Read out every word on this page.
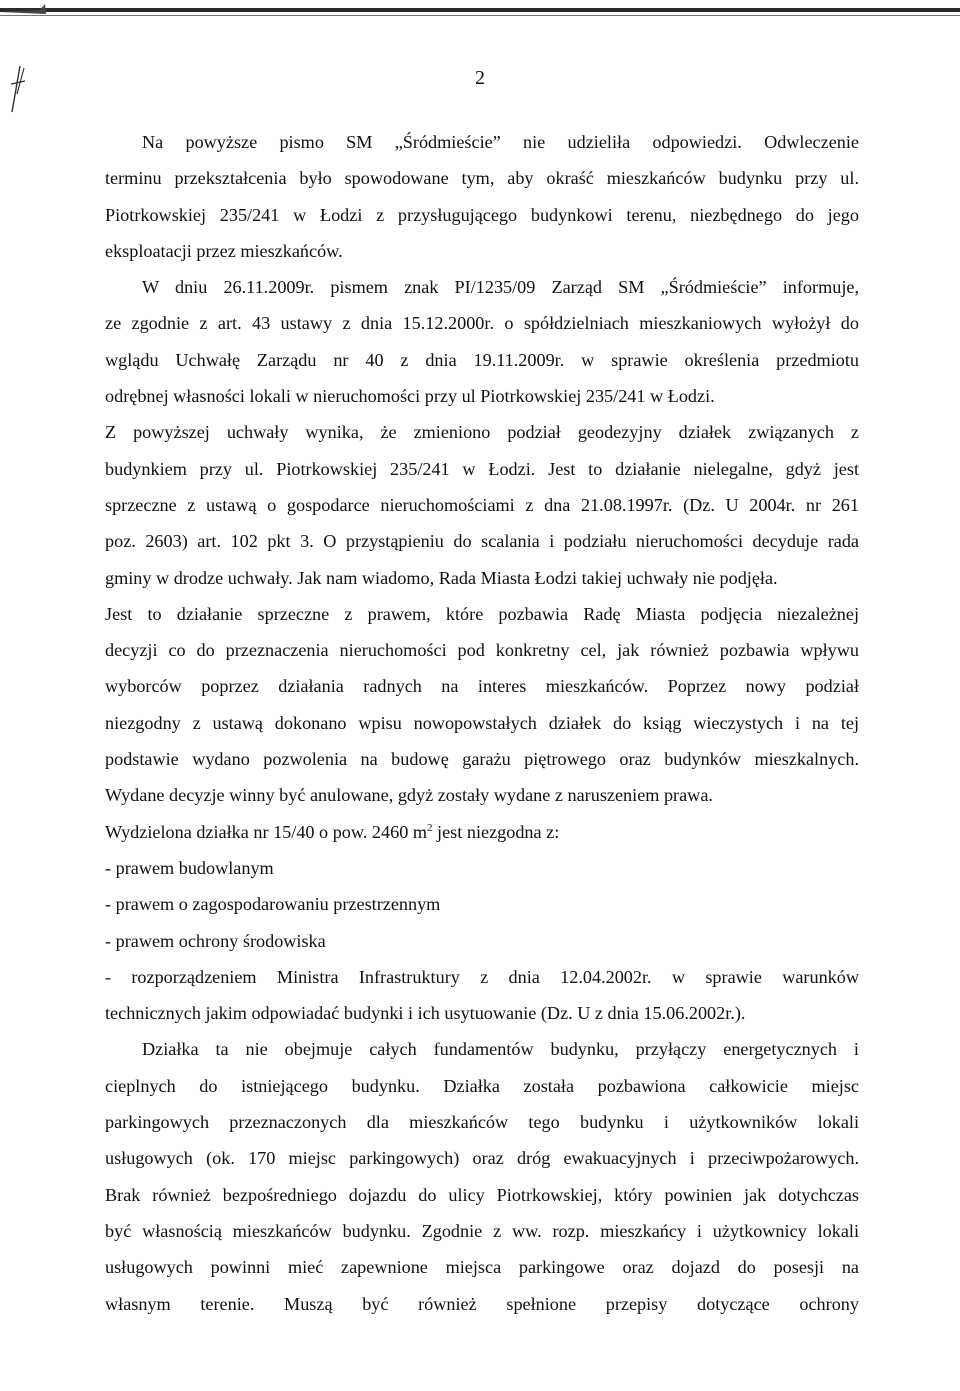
2
Na powyższe pismo SM „Śródmieście” nie udzieliła odpowiedzi. Odwleczenie
terminu przekształcenia było spowodowane tym, aby okraść mieszkańców budynku przy ul.
Piotrkowskiej 235/241 w Łodzi z przysługującego budynkowi terenu, niezbędnego do jego
eksploatacji przez mieszkańców.
W dniu 26.11.2009r. pismem znak PI/1235/09 Zarząd SM „Śródmieście” informuje,
ze zgodnie z art. 43 ustawy z dnia 15.12.2000r. o spółdzielniach mieszkaniowych wyłożył do
wglądu Uchwałę Zarządu nr 40 z dnia 19.11.2009r. w sprawie określenia przedmiotu
odrębnej własności lokali w nieruchomości przy ul Piotrkowskiej 235/241 w Łodzi.
Z powyższej uchwały wynika, że zmieniono podział geodezyjny działek związanych z
budynkiem przy ul. Piotrkowskiej 235/241 w Łodzi. Jest to działanie nielegalne, gdyż jest
sprzeczne z ustawą o gospodarce nieruchomościami z dna 21.08.1997r. (Dz. U 2004r. nr 261
poz. 2603) art. 102 pkt 3. O przystąpieniu do scalania i podziału nieruchomości decyduje rada
gminy w drodze uchwały. Jak nam wiadomo, Rada Miasta Łodzi takiej uchwały nie podjęła.
Jest to działanie sprzeczne z prawem, które pozbawia Radę Miasta podjęcia niezależnej
decyzji co do przeznaczenia nieruchomości pod konkretny cel, jak również pozbawia wpływu
wyborców poprzez działania radnych na interes mieszkańców. Poprzez nowy podział
niezgodny z ustawą dokonano wpisu nowopowstałych działek do ksiąg wieczystych i na tej
podstawie wydano pozwolenia na budowę garażu piętrowego oraz budynków mieszkalnych.
Wydane decyzje winny być anulowane, gdyż zostały wydane z naruszeniem prawa.
Wydzielona działka nr 15/40 o pow. 2460 $m^2$ jest niezgodna z:
- prawem budowlanym
- prawem o zagospodarowaniu przestrzennym
- prawem ochrony środowiska
- rozporządzeniem Ministra Infrastruktury z dnia 12.04.2002r. w sprawie warunków
technicznych jakim odpowiadać budynki i ich usytuowanie (Dz. U z dnia 15.06.2002r.).
Działka ta nie obejmuje całych fundamentów budynku, przyłączy energetycznych i
cieplnych do istniejącego budynku. Działka została pozbawiona całkowicie miejsc
parkingowych przeznaczonych dla mieszkańców tego budynku i użytkowników lokali
usługowych (ok. 170 miejsc parkingowych) oraz dróg ewakuacyjnych i przeciwpożarowych.
Brak również bezpośredniego dojazdu do ulicy Piotrkowskiej, który powinien jak dotychczas
być własnością mieszkańców budynku. Zgodnie z ww. rozp. mieszkańcy i użytkownicy lokali
usługowych powinni mieć zapewnione miejsca parkingowe oraz dojazd do posesji na
własnym terenie. Muszą być również spełnione przepisy dotyczące ochrony
